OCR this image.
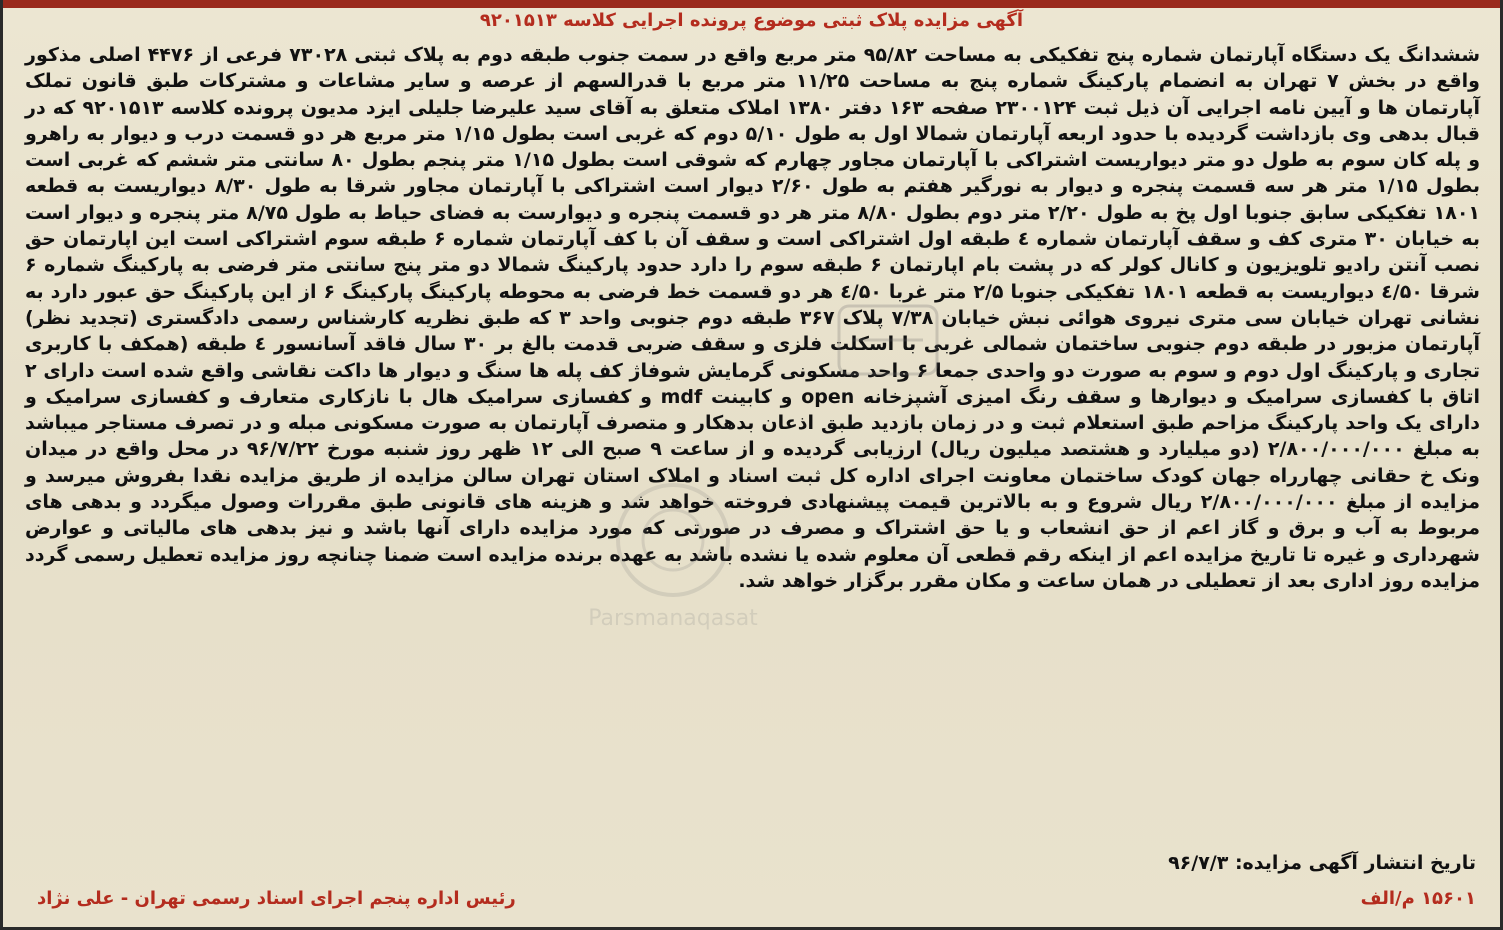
آگهی مزایده پلاک ثبتی موضوع پرونده اجرایی کلاسه ۹۲۰۱۵۱۳

ششدانگ یک دستگاه آپارتمان شماره پنج تفکیکی به مساحت ۹۵/۸۲ متر مربع واقع در سمت جنوب طبقه دوم به پلاک ثبتی ۷۳۰۲۸ فرعی از ۴۴۷۶ اصلی مذکور واقع در بخش ۷ تهران به انضمام پارکینگ شماره پنج به مساحت ۱۱/۲۵ متر مربع با قدرالسهم از عرصه و سایر مشاعات و مشترکات طبق قانون تملک آپارتمان ها و آیین نامه اجرایی آن ذیل ثبت ۲۳۰۰۱۲۴ صفحه ۱۶۳ دفتر ۱۳۸۰ املاک متعلق به آقای سید علیرضا جلیلی ایزد مدیون پرونده کلاسه ۹۲۰۱۵۱۳ که در قبال بدهی وی بازداشت گردیده با حدود اربعه آپارتمان شمالا اول به طول ۵/۱۰ دوم که غربی است بطول ۱/۱۵ متر مربع هر دو قسمت درب و دیوار به راهرو و پله کان سوم به طول دو متر دیواریست اشتراکی با آپارتمان مجاور چهارم که شوقی است بطول ۱/۱۵ متر پنجم بطول ۸۰ سانتی متر ششم که غربی است بطول ۱/۱۵ متر هر سه قسمت پنجره و دیوار به نورگیر هفتم به طول ۲/۶۰ دیوار است اشتراکی با آپارتمان مجاور شرقا به طول ۸/۳۰ دیواریست به قطعه ۱۸۰۱ تفکیکی سابق جنوبا اول پخ به طول ۲/۲۰ متر دوم بطول ۸/۸۰ متر هر دو قسمت پنجره و دیوارست به فضای حیاط به طول ۸/۷۵ متر پنجره و دیوار است به خیابان ۳۰ متری کف و سقف آپارتمان شماره ٤ طبقه اول اشتراکی است و سقف آن با کف آپارتمان شماره ۶ طبقه سوم اشتراکی است این اپارتمان حق نصب آنتن رادیو تلویزیون و کانال کولر که در پشت بام اپارتمان ۶ طبقه سوم را دارد حدود پارکینگ شمالا دو متر پنج سانتی متر فرضی به پارکینگ شماره ۶ شرقا ٤/۵۰ دیواریست به قطعه ۱۸۰۱ تفکیکی جنوبا ۲/۵ متر غربا ٤/۵۰ هر دو قسمت خط فرضی به محوطه پارکینگ پارکینگ ۶ از این پارکینگ حق عبور دارد به نشانی تهران خیابان سی متری نیروی هوائی نبش خیابان ۷/۳۸ پلاک ۳۶۷ طبقه دوم جنوبی واحد ۳ که طبق نظریه کارشناس رسمی دادگستری (تجدید نظر) آپارتمان مزبور در طبقه دوم جنوبی ساختمان شمالی غربی با اسکلت فلزی و سقف ضربی قدمت بالغ بر ۳۰ سال فاقد آسانسور ٤ طبقه (همکف با کاربری تجاری و پارکینگ اول دوم و سوم به صورت دو واحدی جمعا ۶ واحد مسکونی گرمایش شوفاژ کف پله ها سنگ و دیوار ها داکت نقاشی واقع شده است دارای ۲ اتاق با کفسازی سرامیک و دیوارها و سقف رنگ امیزی آشپزخانه open و کابینت mdf و کفسازی سرامیک هال با نازکاری متعارف و کفسازی سرامیک و دارای یک واحد پارکینگ مزاحم طبق استعلام ثبت و در زمان بازدید طبق اذعان بدهکار و متصرف آپارتمان به صورت مسکونی مبله و در تصرف مستاجر میباشد به مبلغ ۲/۸۰۰/۰۰۰/۰۰۰ (دو میلیارد و هشتصد میلیون ریال) ارزیابی گردیده و از ساعت ۹ صبح الی ۱۲ ظهر روز شنبه مورخ ۹۶/۷/۲۲ در محل واقع در میدان ونک خ حقانی چهارراه جهان کودک ساختمان معاونت اجرای اداره کل ثبت اسناد و املاک استان تهران سالن مزایده از طریق مزایده نقدا بفروش میرسد و مزایده از مبلغ ۲/۸۰۰/۰۰۰/۰۰۰ ریال شروع و به بالاترین قیمت پیشنهادی فروخته خواهد شد و هزینه های قانونی طبق مقررات وصول میگردد و بدهی های مربوط به آب و برق و گاز اعم از حق انشعاب و یا حق اشتراک و مصرف در صورتی که مورد مزایده دارای آنها باشد و نیز بدهی های مالیاتی و عوارض شهرداری و غیره تا تاریخ مزایده اعم از اینکه رقم قطعی آن معلوم شده یا نشده باشد به عهده برنده مزایده است ضمنا چنانچه روز مزایده تعطیل رسمی گردد مزایده روز اداری بعد از تعطیلی در همان ساعت و مکان مقرر برگزار خواهد شد.

تاریخ انتشار آگهی مزایده: ۹۶/۷/۳
۱۵۶۰۱ م/الف
رئیس اداره پنجم اجرای اسناد رسمی تهران - علی نژاد
Parsmanaqasat
